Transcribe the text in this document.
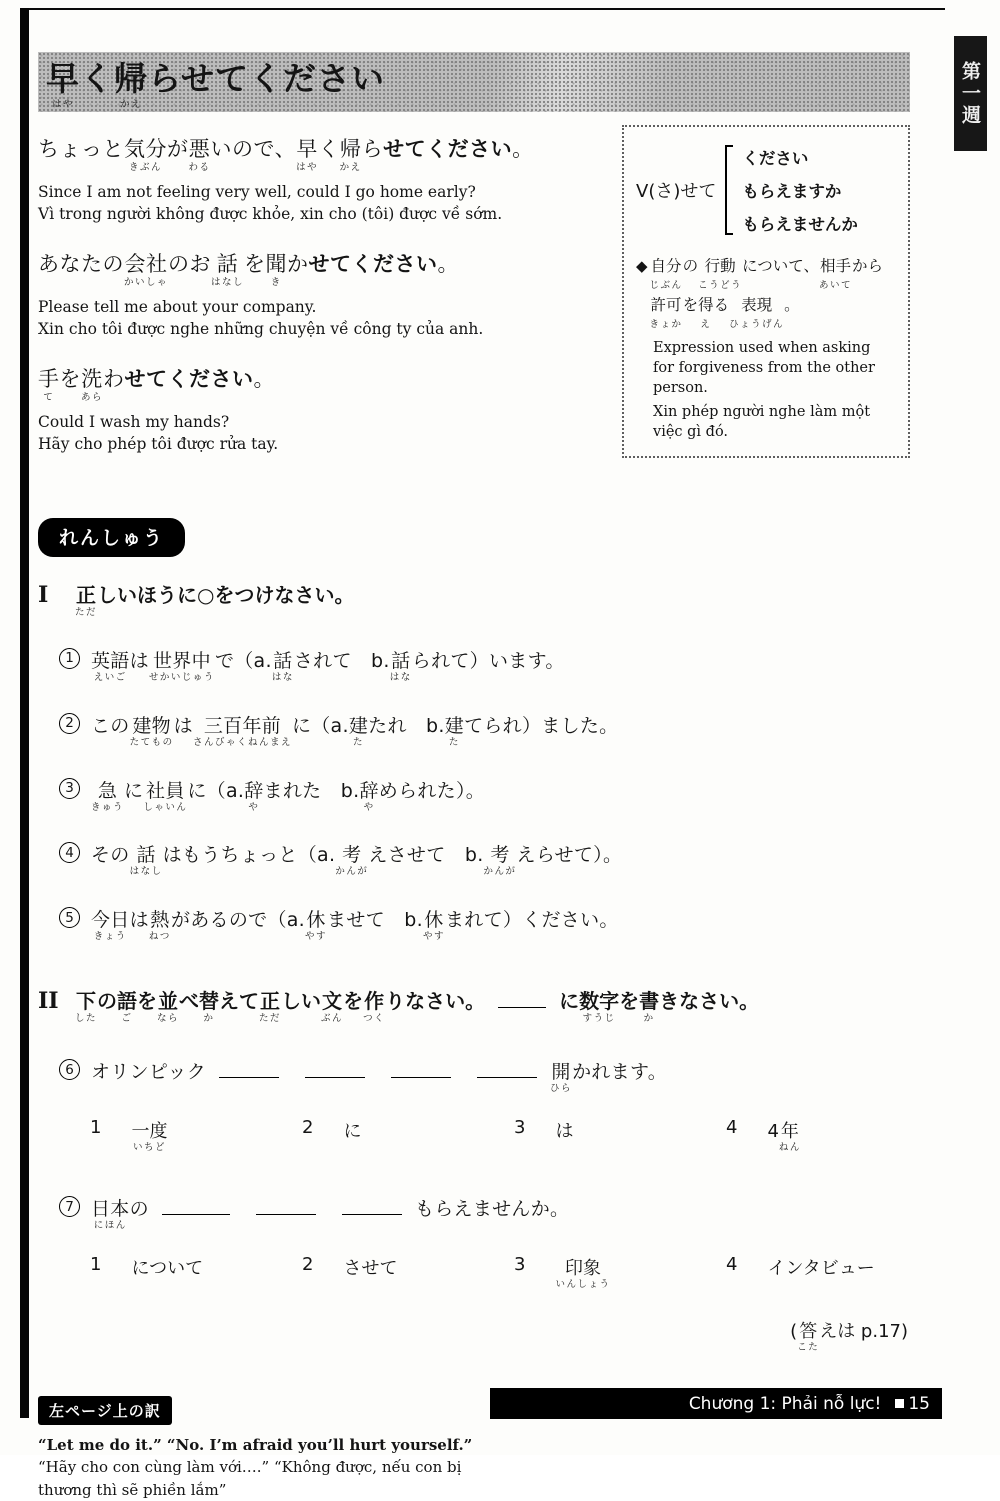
第一週
早
はや
く 帰
かえ
らせてください
ちょっと 気分
きぶん
が 悪
わる
いので、 早
はや
く 帰
かえ
ら せてください 。
Since I am not feeling very well, could I go home early?
Vì trong người không được khỏe, xin cho (tôi) được về sớm.
あなたの 会社
かいしゃ
のお 話
はなし
を 聞
き
か せてください 。
Please tell me about your company.
Xin cho tôi được nghe những chuyện về công ty của anh.
手
て
を 洗
あら
わ せてください 。
Could I wash my hands?
Hãy cho phép tôi được rửa tay.
V(さ)せて
ください
もらえますか
もらえませんか
◆ 自分
じぶん
の 行動
こうどう
について、 相手
あいて
から
許可
きょか
を 得
え
る 表現
ひょうげん
。
Expression used when asking for forgiveness from the other person.
Xin phép người nghe làm một việc gì đó.
れんしゅう
I	正
ただ
しいほうに○をつけなさい。
1 英語
えいご
は 世界中
せかいじゅう
で（a. 話
はな
されて　b. 話
はな
られて）います。
2 この 建物
たてもの
は 三百年前
さんびゃくねんまえ
に（a. 建
た
たれ　b. 建
た
てられ）ました。
3	急
きゅう
に 社員
しゃいん
に（a. 辞
や
まれた　b. 辞
や
められた）。
4 その 話
はなし
はもうちょっと（a. 考
かんが
えさせて　b. 考
かんが
えらせて）。
5 今日
きょう
は 熱
ねつ
があるので（a. 休
やす
ませて　b. 休
やす
まれて）ください。
II 下
した
の 語
ご
を 並
なら
べ 替
か
えて 正
ただ
しい 文
ぶん
を 作
つく
りなさい。	に 数字
すうじ
を 書
か
きなさい。
6 オリンピック	開
ひら
かれます。
1 一度
いちど
2 に	3 は	4 4 年
ねん
7 日本
にほん
の	もらえませんか。
1 について	2 させて	3 印象
いんしょう
4 インタビュー
( 答
こた
えは p.17)
左ページ上の訳
“Let me do it.” “No. I’m afraid you’ll hurt yourself.”
“Hãy cho con cùng làm với….” “Không được, nếu con bị thương thì sẽ phiền lắm”
Chương 1: Phải nỗ lực! 15
